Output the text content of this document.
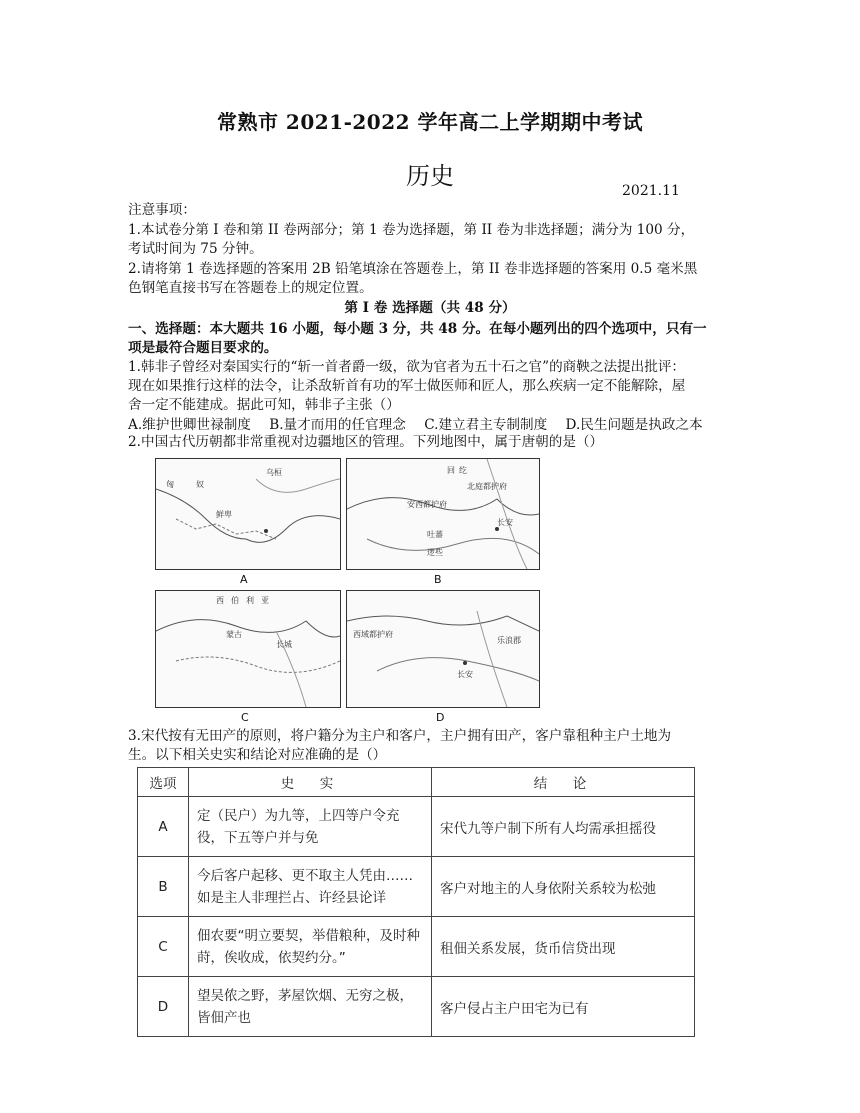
常熟市 2021-2022 学年高二上学期期中考试
历史
2021.11
注意事项：
1.本试卷分第 I 卷和第 II 卷两部分；第 1 卷为选择题，第 II 卷为非选择题；满分为 100 分，
考试时间为 75 分钟。
2.请将第 1 卷选择题的答案用 2B 铅笔填涂在答题卷上，第 II 卷非选择题的答案用 0.5 毫米黑
色钢笔直接书写在答题卷上的规定位置。
第 I 卷 选择题（共 48 分）
一、选择题：本大题共 16 小题，每小题 3 分，共 48 分。在每小题列出的四个选项中，只有一
项是最符合题目要求的。
1.韩非子曾经对秦国实行的“斩一首者爵一级，欲为官者为五十石之官”的商鞅之法提出批评：
现在如果推行这样的法令，让杀敌斩首有功的军士做医师和匠人，那么疾病一定不能解除，屋
舍一定不能建成。据此可知，韩非子主张（）
A.维护世卿世禄制度 B.量才而用的任官理念 C.建立君主专制制度 D.民生问题是执政之本
2.中国古代历朝都非常重视对边疆地区的管理。下列地图中，属于唐朝的是（）
匈	奴
乌桓
鲜卑
A
回 纥
安西都护府
北庭都护府
长安
吐蕃
逻些
B
西 伯 利 亚
长城
蒙古
C
西域都护府
长安
乐浪郡
D
3.宋代按有无田产的原则，将户籍分为主户和客户，主户拥有田产，客户靠租种主户土地为
生。以下相关史实和结论对应准确的是（）
选项	史　实	结　论
A	定（民户）为九等，上四等户令充役，下五等户并与免	宋代九等户制下所有人均需承担摇役
B	今后客户起移、更不取主人凭由……如是主人非理拦占、许经县论详	客户对地主的人身依附关系较为松弛
C	佃农要“明立要契，举借粮种，及时种莳，俟收成，依契约分。”	租佃关系发展，货币信贷出现
D	望吴侬之野，茅屋饮烟、无穷之极，皆佃产也	客户侵占主户田宅为已有
